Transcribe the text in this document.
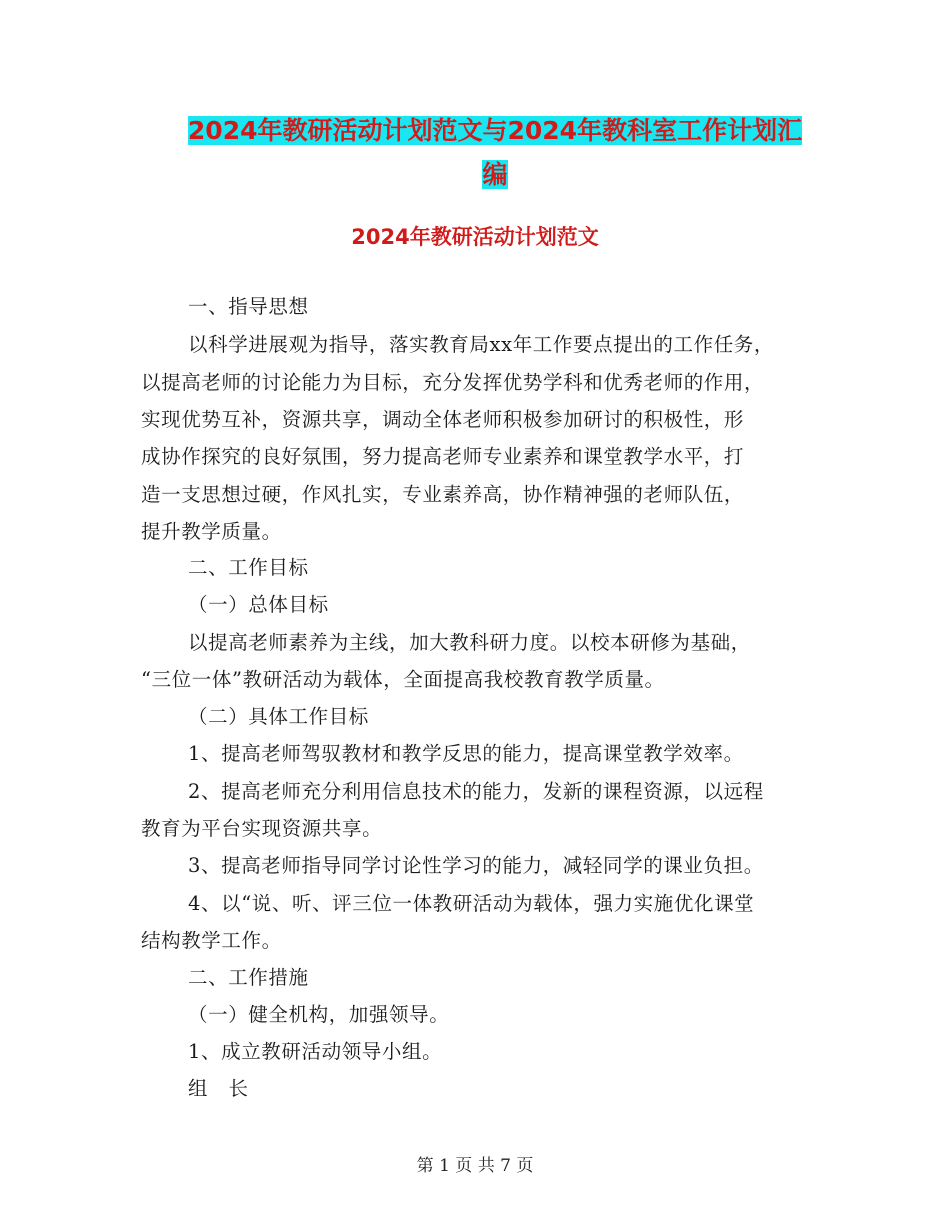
2024年教研活动计划范文与2024年教科室工作计划汇
编
2024年教研活动计划范文
一、指导思想
以科学进展观为指导，落实教育局xx年工作要点提出的工作任务，
以提高老师的讨论能力为目标，充分发挥优势学科和优秀老师的作用，
实现优势互补，资源共享，调动全体老师积极参加研讨的积极性，形
成协作探究的良好氛围，努力提高老师专业素养和课堂教学水平，打
造一支思想过硬，作风扎实，专业素养高，协作精神强的老师队伍，
提升教学质量。
二、工作目标
（一）总体目标
以提高老师素养为主线，加大教科研力度。以校本研修为基础，
“三位一体”教研活动为载体，全面提高我校教育教学质量。
（二）具体工作目标
1、提高老师驾驭教材和教学反思的能力，提高课堂教学效率。
2、提高老师充分利用信息技术的能力，发新的课程资源，以远程
教育为平台实现资源共享。
3、提高老师指导同学讨论性学习的能力，减轻同学的课业负担。
4、以“说、听、评三位一体教研活动为载体，强力实施优化课堂
结构教学工作。
二、工作措施
（一）健全机构，加强领导。
1、成立教研活动领导小组。
组   长
第 1 页 共 7 页
